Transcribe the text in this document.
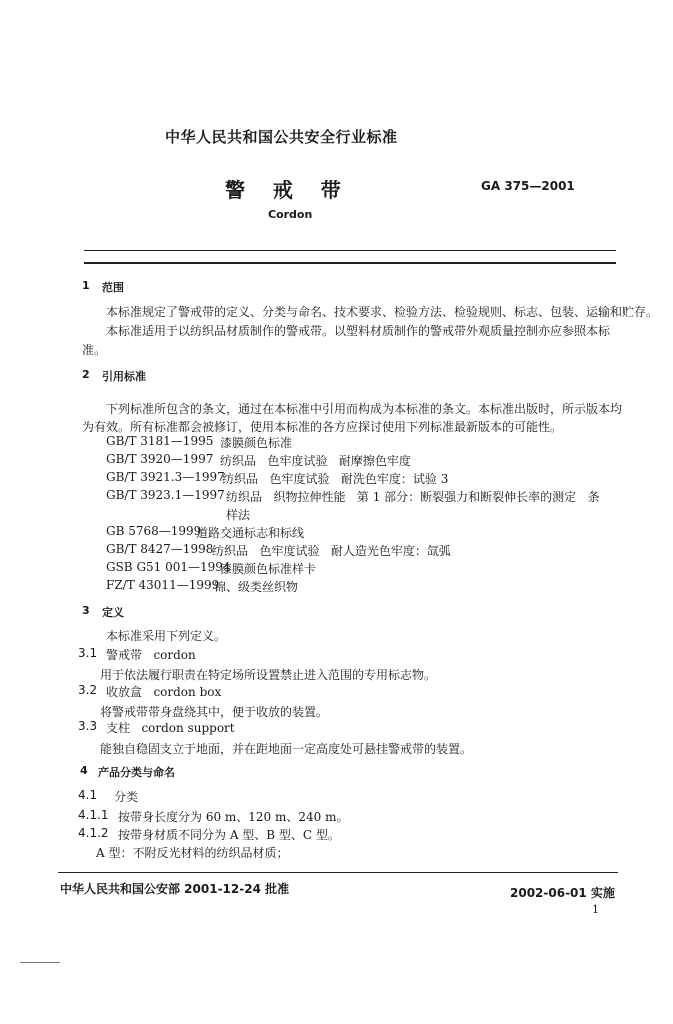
中华人民共和国公共安全行业标准
警    戒    带	GA 375—2001
Cordon
1 范围
本标准规定了警戒带的定义、分类与命名、技术要求、检验方法、检验规则、标志、包装、运输和贮存。
本标准适用于以纺织品材质制作的警戒带。以塑料材质制作的警戒带外观质量控制亦应参照本标
准。
2 引用标准
下列标准所包含的条文，通过在本标准中引用而构成为本标准的条文。本标准出版时，所示版本均
为有效。所有标准都会被修订，使用本标准的各方应探讨使用下列标准最新版本的可能性。
GB/T 3181—1995 漆膜颜色标准
GB/T 3920—1997 纺织品   色牢度试验   耐摩擦色牢度
GB/T 3921.3—1997
纺织品   色牢度试验   耐洗色牢度：试验 3
GB/T 3923.1—1997 纺织品   织物拉伸性能   第 1 部分：断裂强力和断裂伸长率的测定   条
样法
GB 5768—1999
道路交通标志和标线
GB/T 8427—1998
纺织品   色牢度试验   耐人造光色牢度：氙弧
GSB G51 001—1994
漆膜颜色标准样卡
FZ/T 43011—1999
锦、级类丝织物
3 定义
本标准采用下列定义。
3.1 警戒带   cordon
用于依法履行职责在特定场所设置禁止进入范围的专用标志物。
3.2 收放盒   cordon box
将警戒带带身盘绕其中，便于收放的装置。
3.3 支柱   cordon support
能独自稳固支立于地面，并在距地面一定高度处可悬挂警戒带的装置。
4 产品分类与命名
4.1 分类
4.1.1 按带身长度分为 60 m、120 m、240 m。
4.1.2 按带身材质不同分为 A 型、B 型、C 型。
A 型：不附反光材料的纺织品材质；
中华人民共和国公安部 2001-12-24 批准	2002-06-01 实施
1
